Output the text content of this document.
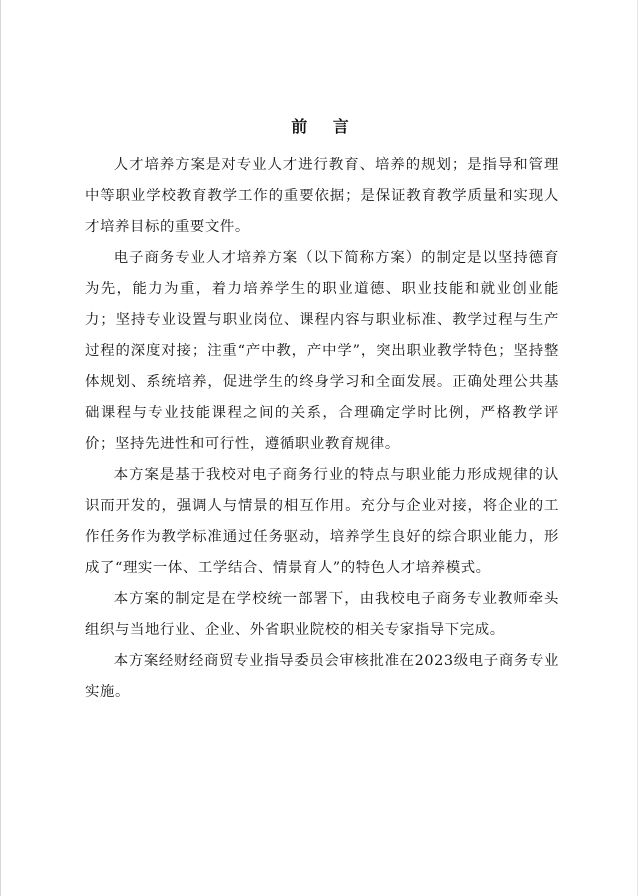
前 言

人才培养方案是对专业人才进行教育、培养的规划；是指导和管理中等职业学校教育教学工作的重要依据；是保证教育教学质量和实现人才培养目标的重要文件。

电子商务专业人才培养方案（以下简称方案）的制定是以坚持德育为先，能力为重，着力培养学生的职业道德、职业技能和就业创业能力；坚持专业设置与职业岗位、课程内容与职业标准、教学过程与生产过程的深度对接；注重“产中教，产中学”，突出职业教学特色；坚持整体规划、系统培养，促进学生的终身学习和全面发展。正确处理公共基础课程与专业技能课程之间的关系，合理确定学时比例，严格教学评价；坚持先进性和可行性，遵循职业教育规律。

本方案是基于我校对电子商务行业的特点与职业能力形成规律的认识而开发的，强调人与情景的相互作用。充分与企业对接，将企业的工作任务作为教学标准通过任务驱动，培养学生良好的综合职业能力，形成了“理实一体、工学结合、情景育人”的特色人才培养模式。

本方案的制定是在学校统一部署下，由我校电子商务专业教师牵头组织与当地行业、企业、外省职业院校的相关专家指导下完成。

本方案经财经商贸专业指导委员会审核批准在2023级电子商务专业实施。
